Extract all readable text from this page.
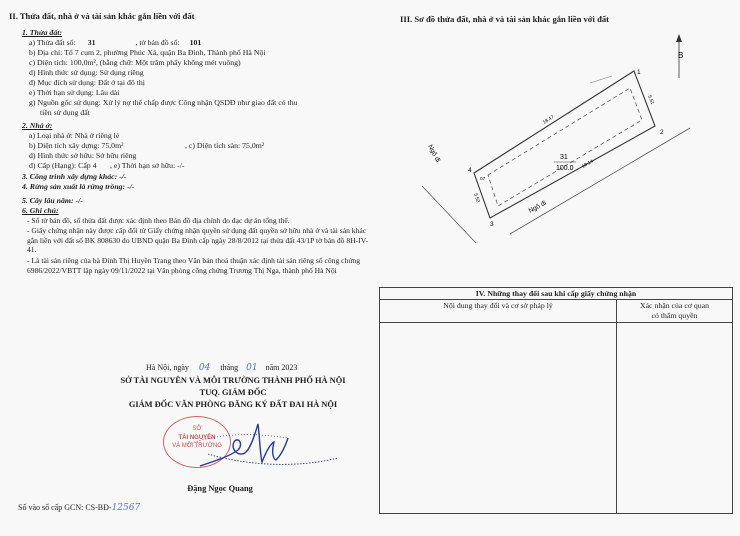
II. Thửa đất, nhà ở và tài sản khác gắn liền với đất
1. Thửa đất:
a) Thửa đất số: 31	, tờ bản đồ số: 101
b) Địa chỉ: Tổ 7 cụm 2, phường Phúc Xá, quận Ba Đình, Thành phố Hà Nội
c) Diện tích: 100,0m², (bằng chữ: Một trăm phẩy không mét vuông)
d) Hình thức sử dụng: Sử dụng riêng
đ) Mục đích sử dụng: Đất ở tại đô thị
e) Thời hạn sử dụng: Lâu dài
g) Nguồn gốc sử dụng: Xử lý nợ thế chấp được Công nhận QSDĐ như giao đất có thu
tiền sử dụng đất
2. Nhà ở:
a) Loại nhà ở: Nhà ở riêng lẻ
b) Diện tích xây dựng: 75,0m²	, c) Diện tích sàn: 75,0m²
d) Hình thức sở hữu: Sở hữu riêng
đ) Cấp (Hạng): Cấp 4 , e) Thời hạn sở hữu: -/-
3. Công trình xây dựng khác: -/-
4. Rừng sản xuất là rừng trồng: -/-
5. Cây lâu năm: -/-
6. Ghi chú:
- Số tờ bản đồ, số thửa đất được xác định theo Bản đồ địa chính đo đạc dự án tổng thể.
- Giấy chứng nhận này được cấp đổi từ Giấy chứng nhận quyền sử dụng đất quyền sở hữu nhà ở và tài sản khác gắn liền với đất số BK 808630 do UBND quận Ba Đình cấp ngày 28/8/2012 tại thửa đất 43/1P tờ bản đồ 8H-IV-41.
- Là tài sản riêng của bà Đinh Thị Huyền Trang theo Văn bản thoả thuận xác định tài sản riêng số công chứng 6986/2022/VBTT lập ngày 09/11/2022 tại Văn phòng công chứng Trương Thị Nga, thành phố Hà Nội
Hà Nội, ngày 04 tháng 01 năm 2023
SỞ TÀI NGUYÊN VÀ MÔI TRƯỜNG THÀNH PHỐ HÀ NỘI
TUQ. GIÁM ĐỐC
GIÁM ĐỐC VĂN PHÒNG ĐĂNG KÝ ĐẤT ĐAI HÀ NỘI
SỞ
TÀI NGUYÊN
VÀ MÔI TRƯỜNG
Đặng Ngọc Quang
Số vào sổ cấp GCN: CS-BĐ-12567
III. Sơ đồ thửa đất, nhà ở và tài sản khác gắn liền với đất
B
31
100.0
1
2
3
4
18.47
5.51
18.14
5.52
07
Ngõ đi
Ngõ đi
IV. Những thay đổi sau khi cấp giấy chứng nhận	
Nội dung thay đổi và cơ sở pháp lý	Xác nhận của cơ quan
có thẩm quyền
